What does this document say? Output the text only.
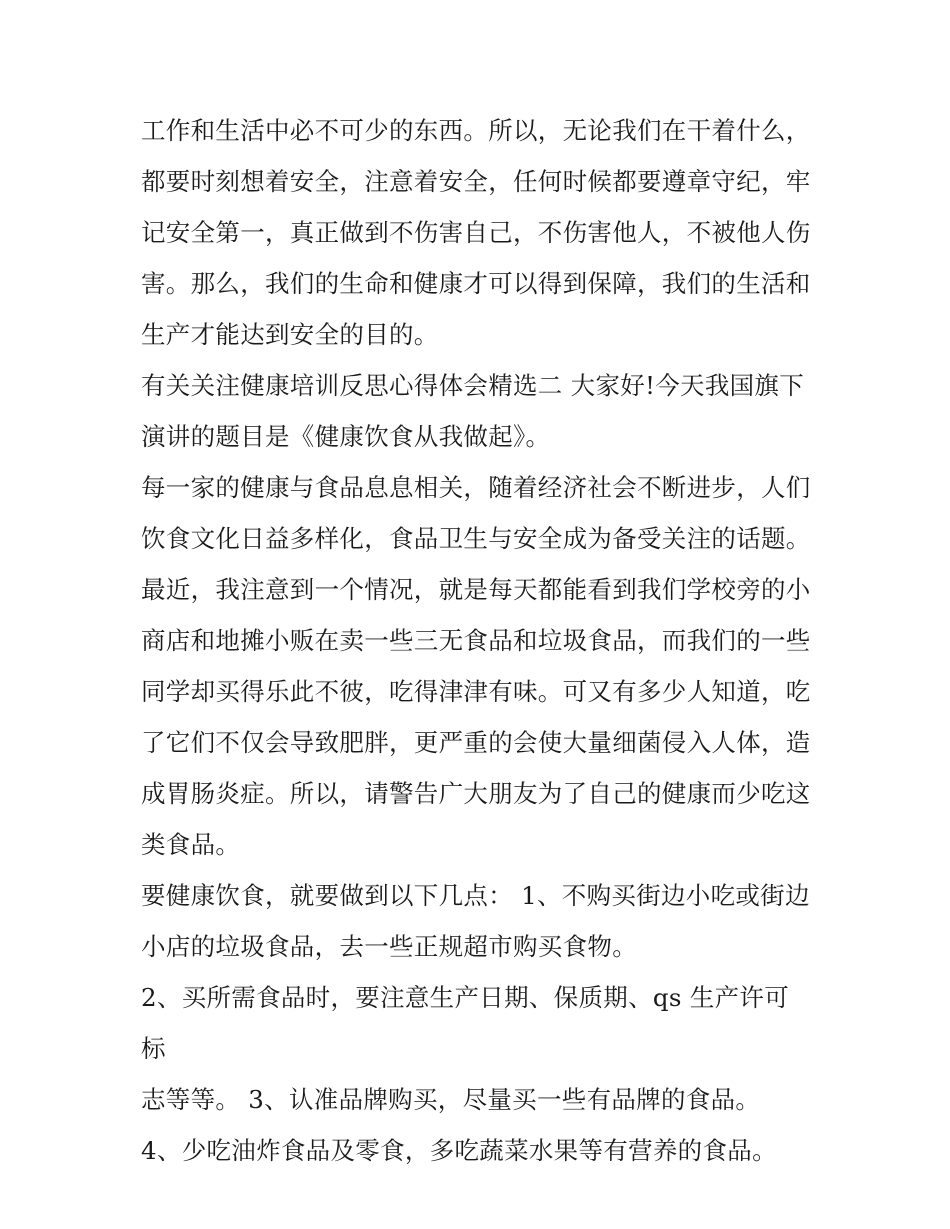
工作和生活中必不可少的东西。所以，无论我们在干着什么，
都要时刻想着安全，注意着安全，任何时候都要遵章守纪，牢
记安全第一，真正做到不伤害自己，不伤害他人，不被他人伤
害。那么，我们的生命和健康才可以得到保障，我们的生活和
生产才能达到安全的目的。

有关关注健康培训反思心得体会精选二 大家好!今天我国旗下
演讲的题目是《健康饮食从我做起》。

每一家的健康与食品息息相关，随着经济社会不断进步，人们
饮食文化日益多样化，食品卫生与安全成为备受关注的话题。
最近，我注意到一个情况，就是每天都能看到我们学校旁的小
商店和地摊小贩在卖一些三无食品和垃圾食品，而我们的一些
同学却买得乐此不彼，吃得津津有味。可又有多少人知道，吃
了它们不仅会导致肥胖，更严重的会使大量细菌侵入人体，造
成胃肠炎症。所以，请警告广大朋友为了自己的健康而少吃这
类食品。

要健康饮食，就要做到以下几点： 1、不购买街边小吃或街边
小店的垃圾食品，去一些正规超市购买食物。

2、买所需食品时，要注意生产日期、保质期、qs 生产许可标
志等等。 3、认准品牌购买，尽量买一些有品牌的食品。

4、少吃油炸食品及零食，多吃蔬菜水果等有营养的食品。
